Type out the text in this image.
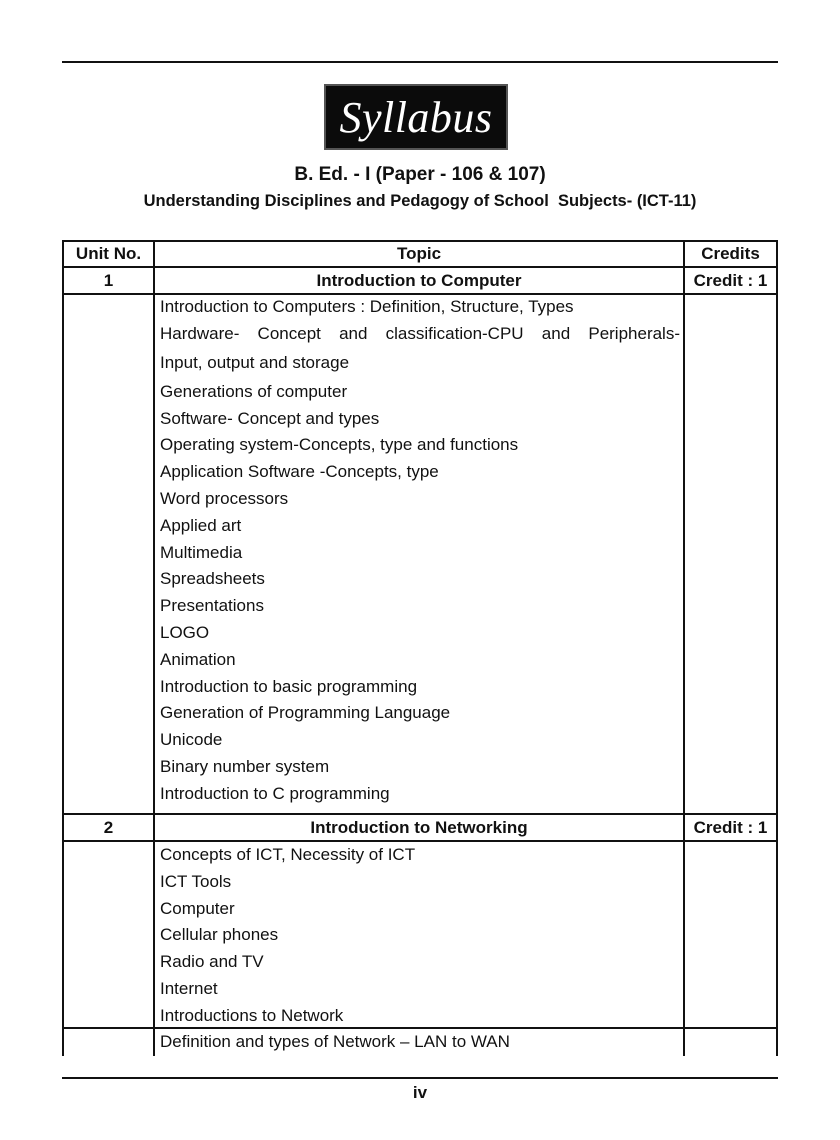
Syllabus
B. Ed. - I (Paper - 106 & 107)
Understanding Disciplines and Pedagogy of School  Subjects- (ICT-11)
Unit No.	Topic	Credits
1	Introduction to Computer	Credit : 1
Introduction to Computers : Definition, Structure, Types
Hardware- Concept and classification-CPU and Peripherals-
Input, output and storage
Generations of computer
Software- Concept and types
Operating system-Concepts, type and functions
Application Software -Concepts, type
Word processors
Applied art
Multimedia
Spreadsheets
Presentations
LOGO
Animation
Introduction to basic programming
Generation of Programming Language
Unicode
Binary number system
Introduction to C programming
2	Introduction to Networking	Credit : 1
Concepts of ICT, Necessity of ICT
ICT Tools
Computer
Cellular phones
Radio and TV
Internet
Introductions to Network
Definition and types of Network – LAN to WAN
iv
